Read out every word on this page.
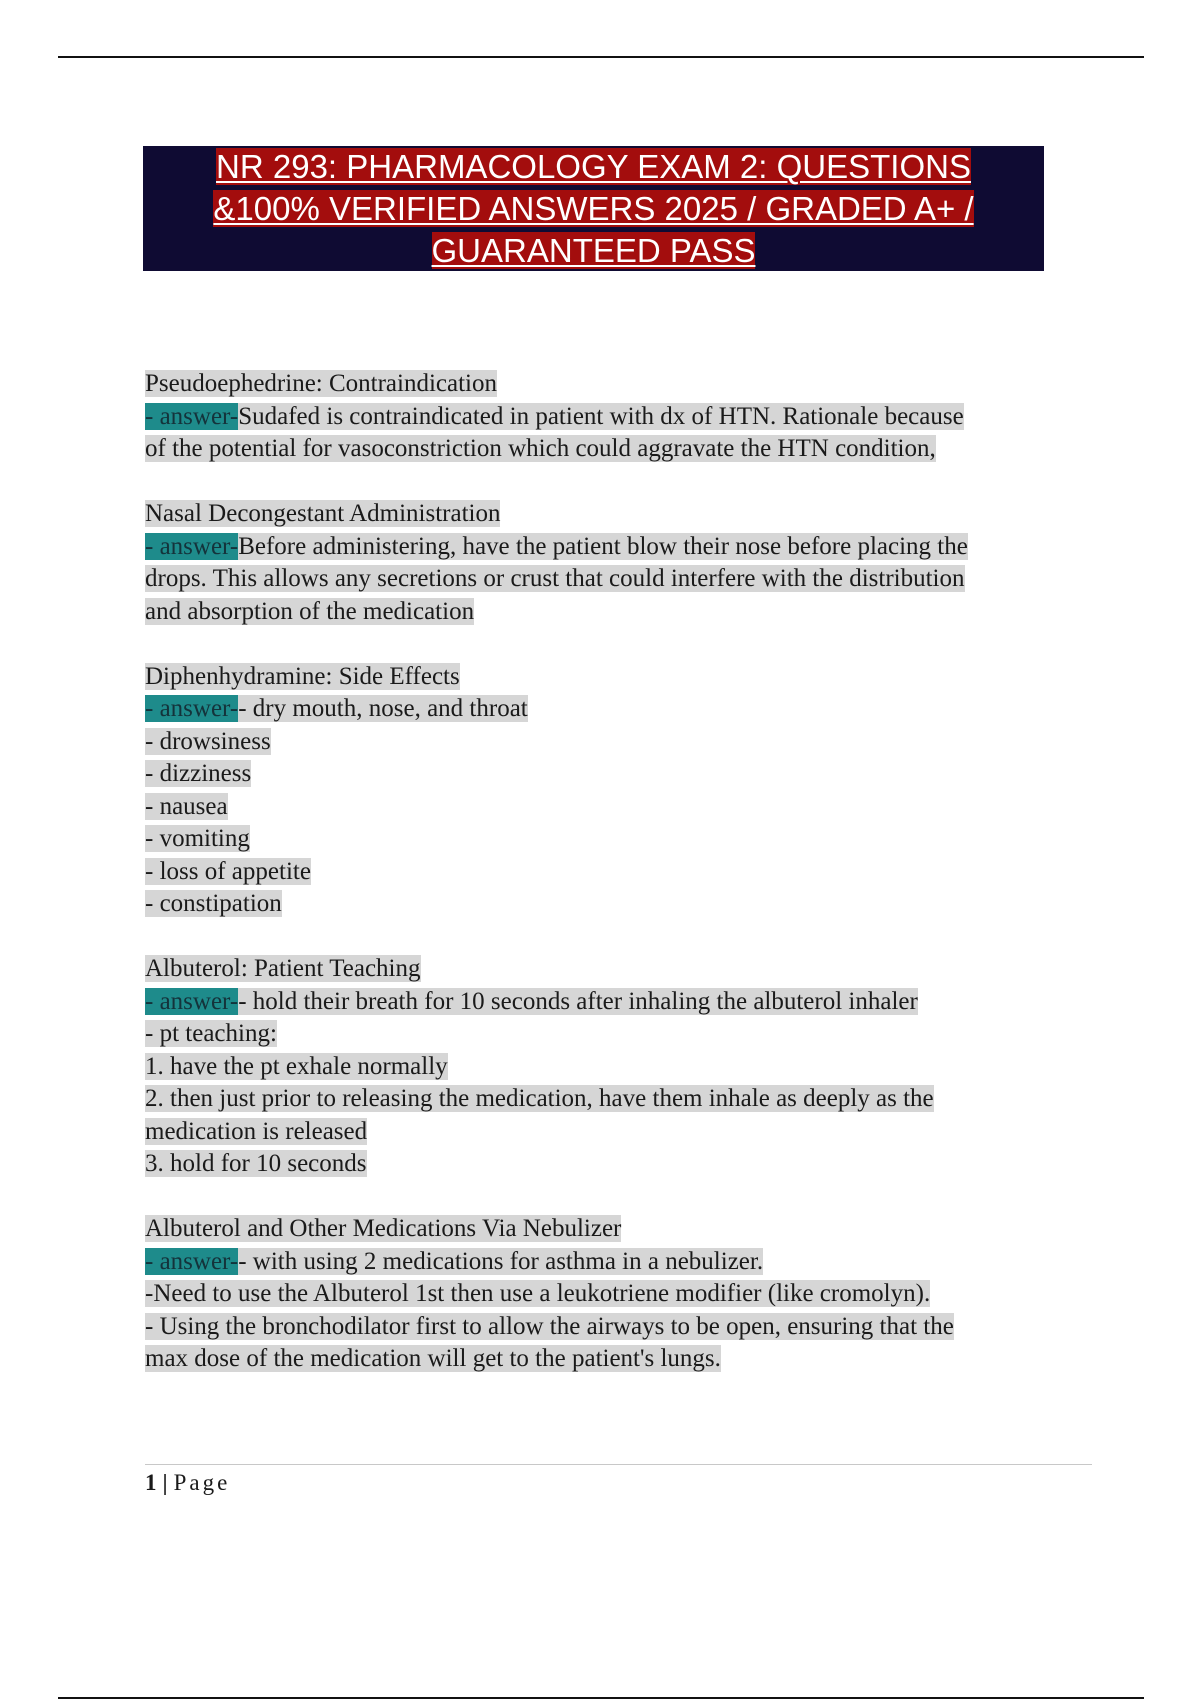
NR 293: PHARMACOLOGY EXAM 2: QUESTIONS
&100% VERIFIED ANSWERS 2025 / GRADED A+ /
GUARANTEED PASS
Pseudoephedrine: Contraindication
- answer-Sudafed is contraindicated in patient with dx of HTN. Rationale because
of the potential for vasoconstriction which could aggravate the HTN condition,
Nasal Decongestant Administration
- answer-Before administering, have the patient blow their nose before placing the
drops. This allows any secretions or crust that could interfere with the distribution
and absorption of the medication
Diphenhydramine: Side Effects
- answer-- dry mouth, nose, and throat
- drowsiness
- dizziness
- nausea
- vomiting
- loss of appetite
- constipation
Albuterol: Patient Teaching
- answer-- hold their breath for 10 seconds after inhaling the albuterol inhaler
- pt teaching:
1. have the pt exhale normally
2. then just prior to releasing the medication, have them inhale as deeply as the
medication is released
3. hold for 10 seconds
Albuterol and Other Medications Via Nebulizer
- answer-- with using 2 medications for asthma in a nebulizer.
-Need to use the Albuterol 1st then use a leukotriene modifier (like cromolyn).
- Using the bronchodilator first to allow the airways to be open, ensuring that the
max dose of the medication will get to the patient's lungs.
1 | Page
